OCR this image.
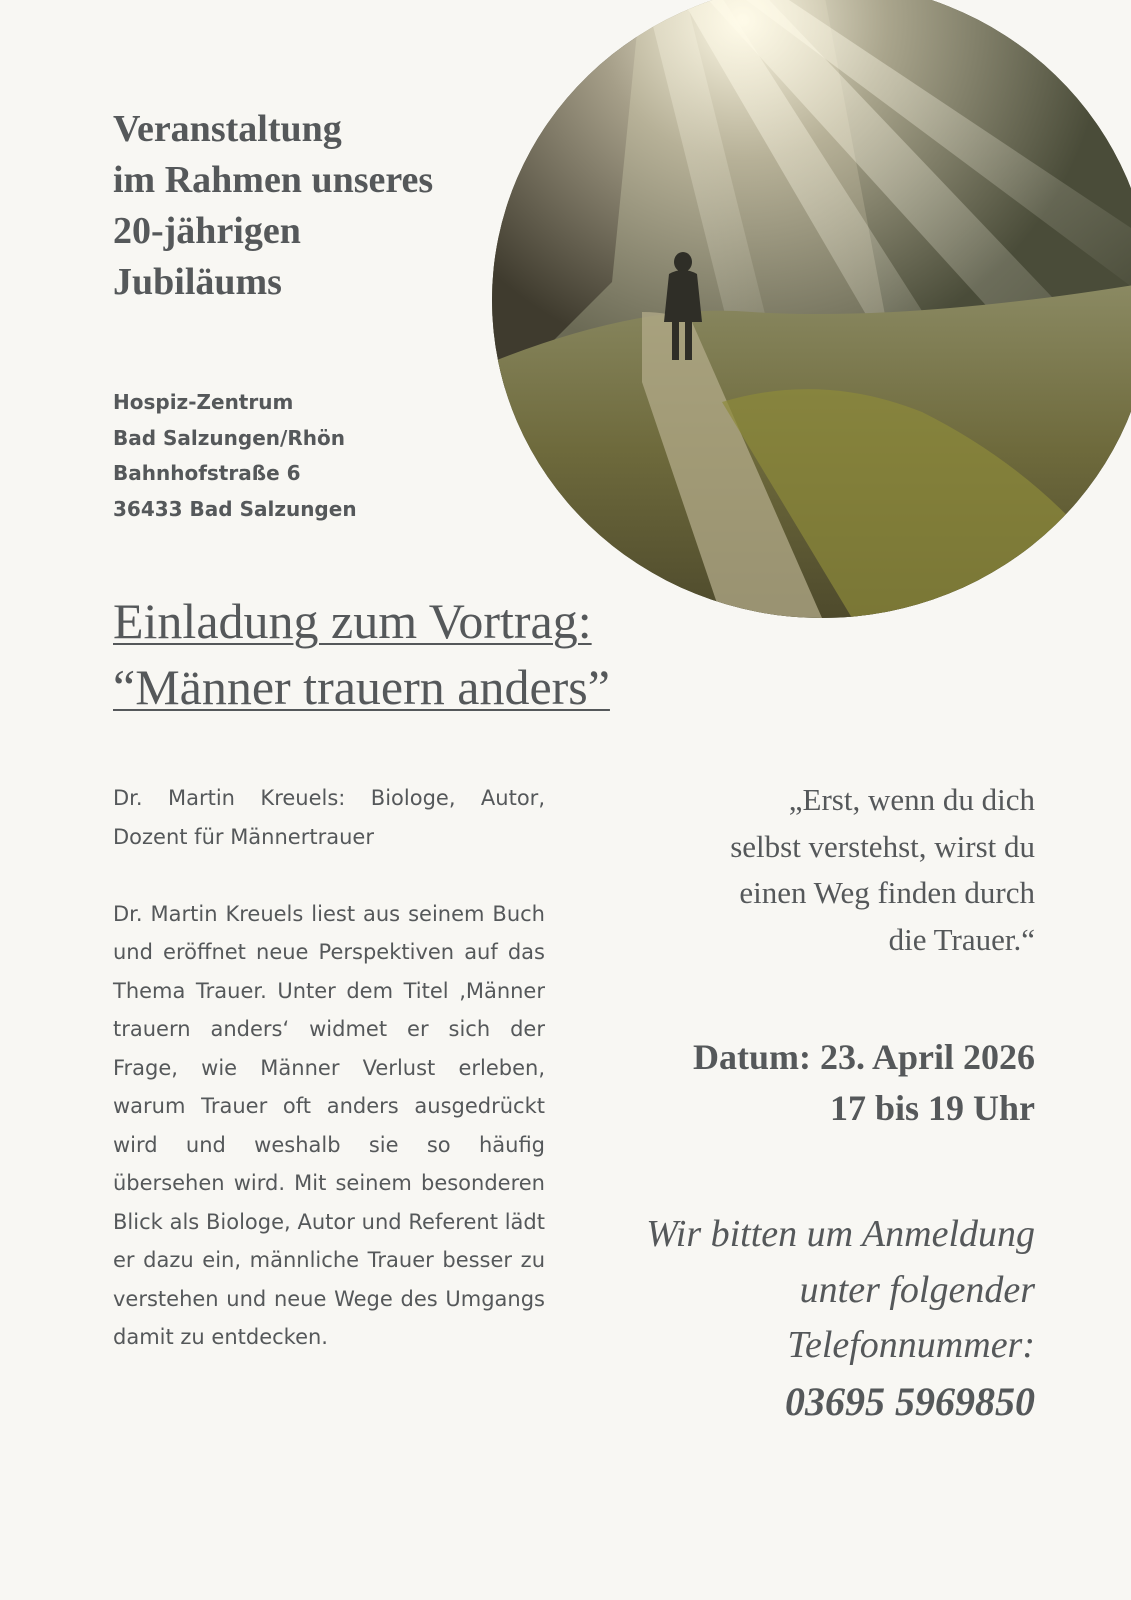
Veranstaltung
im Rahmen unseres
20-jährigen
Jubiläums
Hospiz-Zentrum
Bad Salzungen/Rhön
Bahnhofstraße 6
36433 Bad Salzungen
Einladung zum Vortrag:
“Männer trauern anders”

Dr. Martin Kreuels: Biologe, Autor, Dozent für Männertrauer

Dr. Martin Kreuels liest aus seinem Buch und eröffnet neue Perspektiven auf das Thema Trauer. Unter dem Titel ‚Männer trauern anders‘ widmet er sich der Frage, wie Männer Verlust erleben, warum Trauer oft anders ausgedrückt wird und weshalb sie so häufig übersehen wird. Mit seinem besonderen Blick als Biologe, Autor und Referent lädt er dazu ein, männliche Trauer besser zu verstehen und neue Wege des Umgangs damit zu entdecken.

„Erst, wenn du dich
selbst verstehst, wirst du
einen Weg finden durch
die Trauer.“
Datum: 23. April 2026
17 bis 19 Uhr
Wir bitten um Anmeldung
unter folgender
Telefonnummer:
03695 5969850
